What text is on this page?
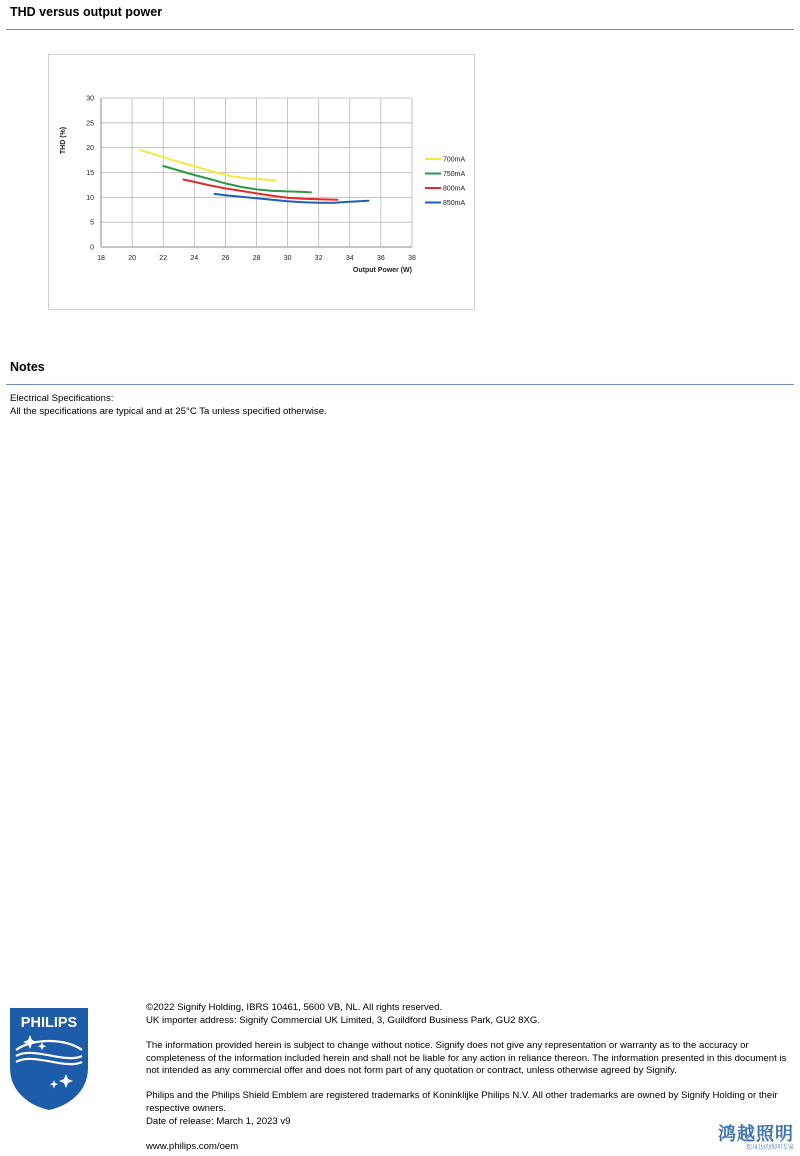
THD versus output power
18	20	22	24	26	28	30	32	34	36	38
0
5
10
15
20
25
30
Output Power (W)
THD (%)
700mA
750mA
800mA
850mA
Notes
Electrical Specifications:
All the specifications are typical and at 25°C Ta unless specified otherwise.
PHILIPS
©2022 Signify Holding, IBRS 10461, 5600 VB, NL. All rights reserved.
UK importer address: Signify Commercial UK Limited, 3, Guildford Business Park, GU2 8XG.
The information provided herein is subject to change without notice. Signify does not give any representation or warranty as to the accuracy or completeness of the information included herein and shall not be liable for any action in reliance thereon. The information presented in this document is not intended as any commercial offer and does not form part of any quotation or contract, unless otherwise agreed by Signify.
Philips and the Philips Shield Emblem are registered trademarks of Koninklijke Philips N.V. All other trademarks are owned by Signify Holding or their respective owners.
Date of release: March 1, 2023 v9
www.philips.com/oem
鸿越照明
您身边的照明专家
